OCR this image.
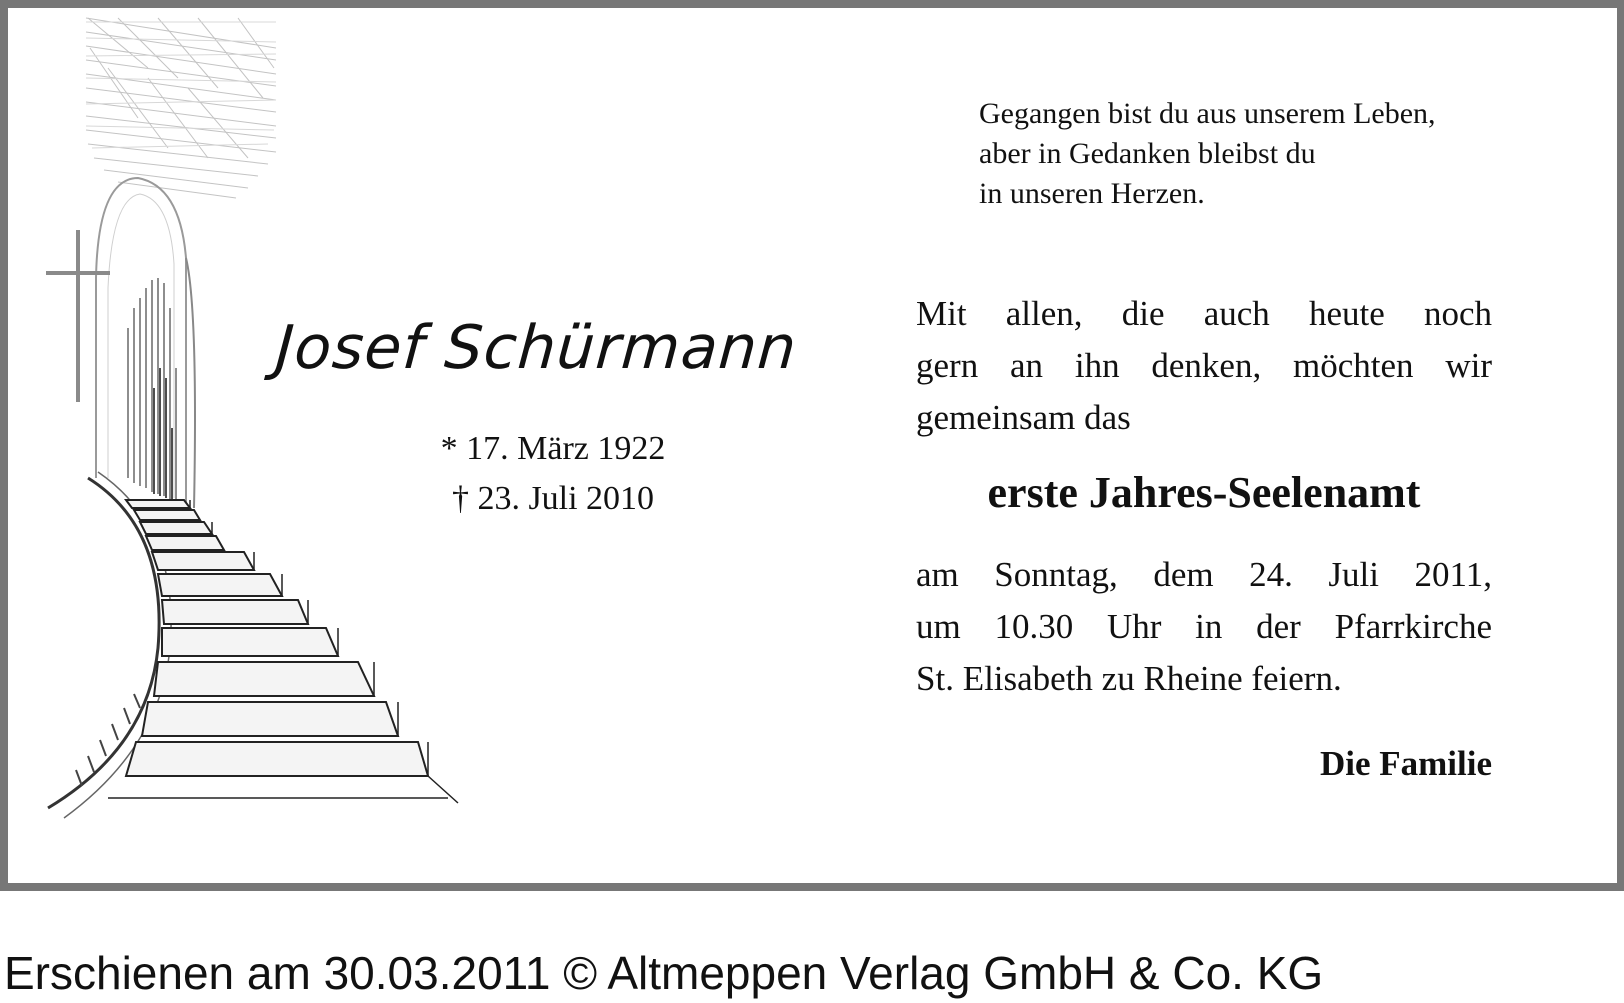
Gegangen bist du aus unserem Leben,
aber in Gedanken bleibst du
in unseren Herzen.
Josef Schürmann
* 17. März 1922
† 23. Juli 2010
Mit allen, die auch heute noch
gern an ihn denken, möchten wir
gemeinsam das
erste Jahres-Seelenamt
am Sonntag, dem 24. Juli 2011,
um 10.30 Uhr in der Pfarrkirche
St. Elisabeth zu Rheine feiern.
Die Familie
Erschienen am 30.03.2011 © Altmeppen Verlag GmbH & Co. KG
